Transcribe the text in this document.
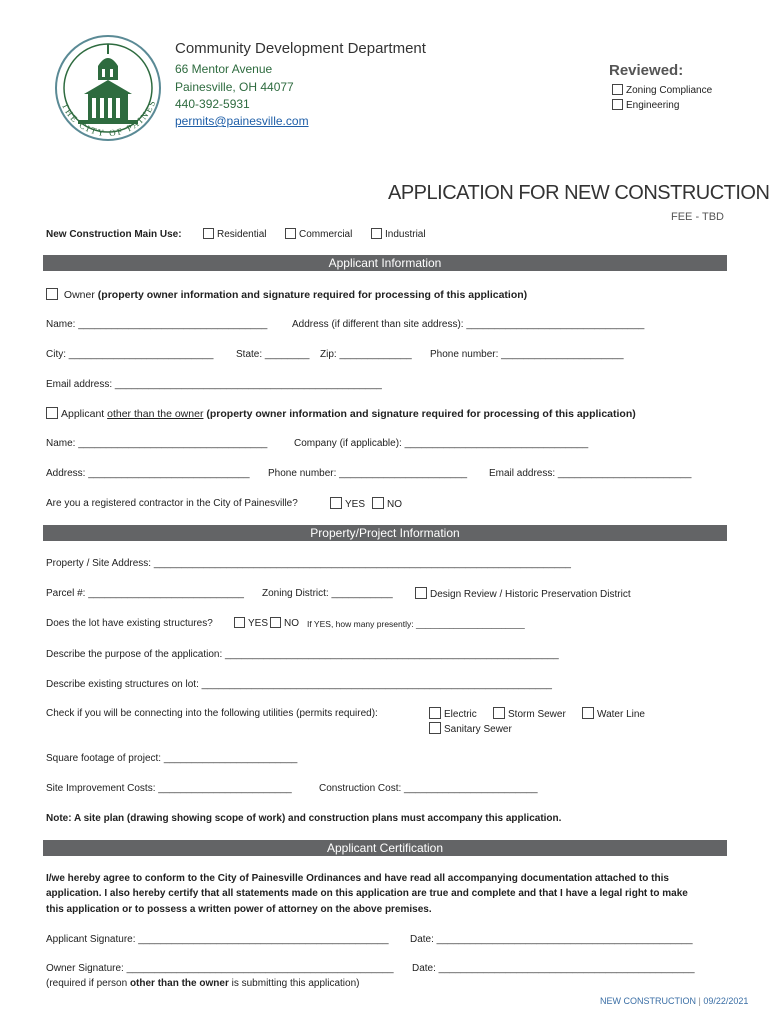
THE CITY OF PAINES
Community Development Department
66 Mentor Avenue
Painesville, OH 44077
440-392-5931
permits@painesville.com
Reviewed:
Zoning Compliance
Engineering
APPLICATION FOR NEW CONSTRUCTION
FEE - TBD
New Construction Main Use:	Residential	Commercial	Industrial
Applicant Information
Owner (property owner information and signature required for processing of this application)
Name: __________________________________ Address (if different than site address): ________________________________
City: __________________________ State: ________ Zip: _____________ Phone number: ______________________
Email address: ________________________________________________
Applicant other than the owner (property owner information and signature required for processing of this application)
Name: __________________________________	Company (if applicable): _________________________________
Address: _____________________________ Phone number: _______________________ Email address: ________________________
Are you a registered contractor in the City of Painesville?	YES	NO
Property/Project Information
Property / Site Address: ___________________________________________________________________________
Parcel #: ____________________________ Zoning District: ___________	Design Review / Historic Preservation District
Does the lot have existing structures?	YES	NO If YES, how many presently: _______________________
Describe the purpose of the application: ____________________________________________________________
Describe existing structures on lot: _______________________________________________________________
Check if you will be connecting into the following utilities (permits required):	Electric	Storm Sewer	Water Line
Sanitary Sewer
Square footage of project: ________________________
Site Improvement Costs: ________________________	Construction Cost: ________________________
Note: A site plan (drawing showing scope of work) and construction plans must accompany this application.
Applicant Certification
I/we hereby agree to conform to the City of Painesville Ordinances and have read all accompanying documentation attached to this
application. I also hereby certify that all statements made on this application are true and complete and that I have a legal right to make
this application or to possess a written power of attorney on the above premises.
Applicant Signature: _____________________________________________ Date: ______________________________________________
Owner Signature: ________________________________________________ Date: ______________________________________________
(required if person other than the owner is submitting this application)
NEW CONSTRUCTION | 09/22/2021
